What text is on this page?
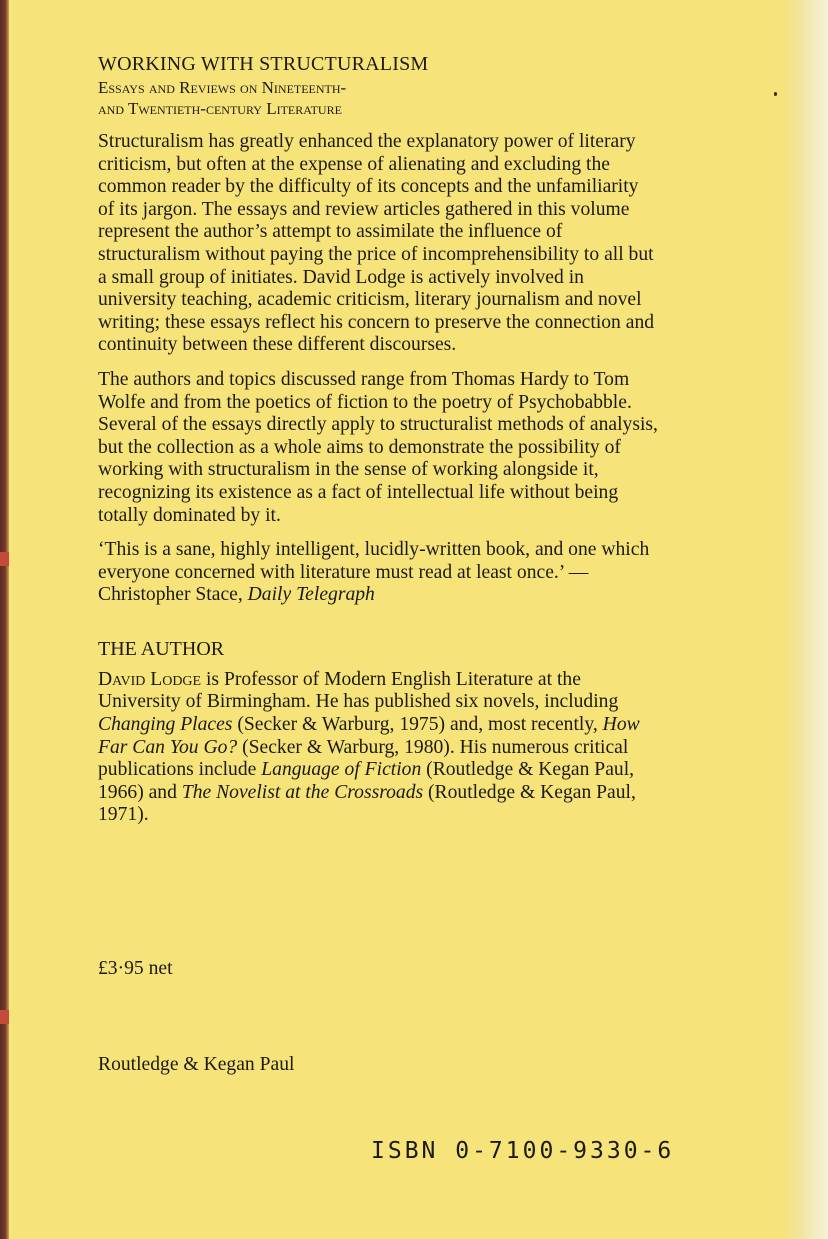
WORKING WITH STRUCTURALISM
Essays and Reviews on Nineteenth-
and Twentieth-century Literature

Structuralism has greatly enhanced the explanatory power of literary criticism, but often at the expense of alienating and excluding the common reader by the difficulty of its concepts and the unfamiliarity of its jargon. The essays and review articles gathered in this volume represent the author’s attempt to assimilate the influence of structuralism without paying the price of incomprehensibility to all but a small group of initiates. David Lodge is actively involved in university teaching, academic criticism, literary journalism and novel writing; these essays reflect his concern to preserve the connection and continuity between these different discourses.

The authors and topics discussed range from Thomas Hardy to Tom Wolfe and from the poetics of fiction to the poetry of Psychobabble. Several of the essays directly apply to structuralist methods of analysis, but the collection as a whole aims to demonstrate the possibility of working with structuralism in the sense of working alongside it, recognizing its existence as a fact of intellectual life without being totally dominated by it.

‘This is a sane, highly intelligent, lucidly-written book, and one which everyone concerned with literature must read at least once.’ — Christopher Stace, Daily Telegraph

THE AUTHOR

David Lodge is Professor of Modern English Literature at the University of Birmingham. He has published six novels, including Changing Places (Secker & Warburg, 1975) and, most recently, How Far Can You Go? (Secker & Warburg, 1980). His numerous critical publications include Language of Fiction (Routledge & Kegan Paul, 1966) and The Novelist at the Crossroads (Routledge & Kegan Paul, 1971).

£3·95 net
Routledge & Kegan Paul
ISBN 0-7100-9330-6
